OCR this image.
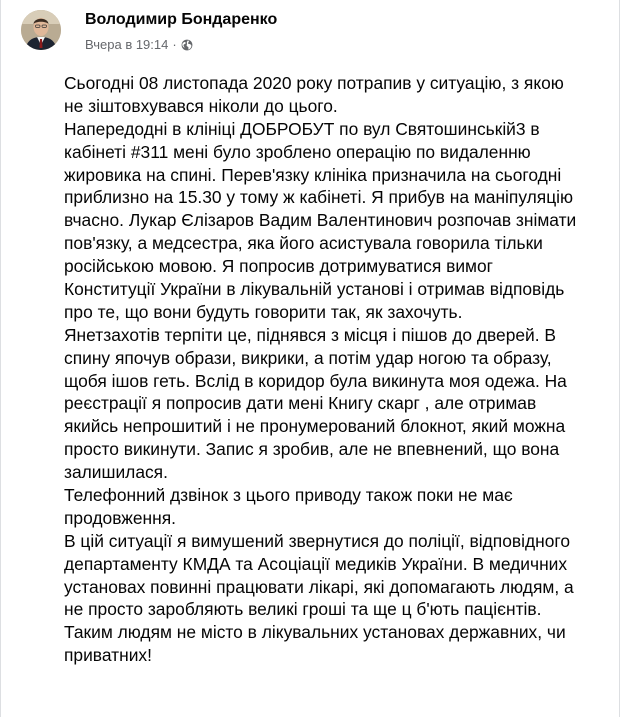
Володимир Бондаренко
Вчера в 19:14 ·
Сьогодні 08 листопада 2020 року потрапив у ситуацію, з якою
не зіштовхувався ніколи до цього.
Напередодні в клініці ДОБРОБУТ по вул Святошинській3 в
кабінеті #311 мені було зроблено операцію по видаленню
жировика на спині. Перев'язку клініка призначила на сьогодні
приблизно на 15.30 у тому ж кабінеті. Я прибув на маніпуляцію
вчасно. Лукар Єлізаров Вадим Валентинович розпочав знімати
пов'язку, а медсестра, яка його асистувала говорила тільки
російською мовою. Я попросив дотримуватися вимог
Конституції України в лікувальній установі і отримав відповідь
про те, що вони будуть говорити так, як захочуть.
Янетзахотів терпіти це, піднявся з місця і пішов до дверей. В
спину япочув образи, викрики, а потім удар ногою та образу,
щобя ішов геть. Вслід в коридор була викинута моя одежа. На
реєстрації я попросив дати мені Книгу скарг , але отримав
якийсь непрошитий і не пронумерований блокнот, який можна
просто викинути. Запис я зробив, але не впевнений, що вона
залишилася.
Телефонний дзвінок з цього приводу також поки не має
продовження.
В цій ситуації я вимушений звернутися до поліції, відповідного
департаменту КМДА та Асоціації медиків України. В медичних
установах повинні працювати лікарі, які допомагають людям, а
не просто заробляють великі гроші та ще ц б'ють пацієнтів.
Таким людям не місто в лікувальних установах державних, чи
приватних!
